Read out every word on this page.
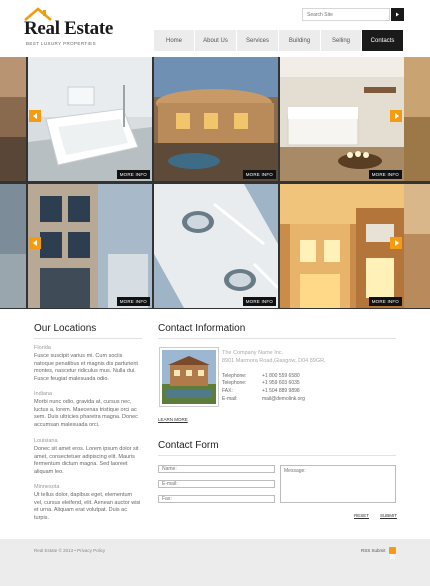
Real Estate
BEST LUXURY PROPERTIES
Search Site	Home	About Us	Services	Building	Selling	Contacts
MORE INFO	MORE INFO	MORE INFO
MORE INFO	MORE INFO	MORE INFO
Our Locations
Florida
Fusce suscipit varius mi. Cum sociis natoque penatibus et magnis dis parturient montes, nascetur ridiculus mus. Nulla dui. Fusce feugiat malesuada odio.
Indiana
Morbi nunc odio, gravida at, cursus nec, luctus a, lorem. Maecenas tristique orci ac sem. Duis ultricies pharetra magna. Donec accumsan malesuada orci.
Louisiana
Donec sit amet eros. Lorem ipsum dolor sit amet, consectetuer adipiscing elit. Mauris fermentum dictum magna. Sed laoreet aliquam leo.
Minnesota
Ut tellus dolor, dapibus eget, elementum vel, cursus eleifend, elit. Aenean auctor wisi et urna. Aliquam erat volutpat. Duis ac turpis.
Contact Information
The Company Name Inc.
8901 Marmora Road,Glasgow, D04 89GR.
Telephone:	+1 800 559 6580
Telephone:	+1 959 603 6035
FAX:	+1 504 889 9898
E-mail:	mail@demolink.org
LEARN MORE
Contact Form
Name:
E-mail:
Fax:
Message:
RESET SUBMIT
Real Estate © 2013 • Privacy Policy	RSS Submit
